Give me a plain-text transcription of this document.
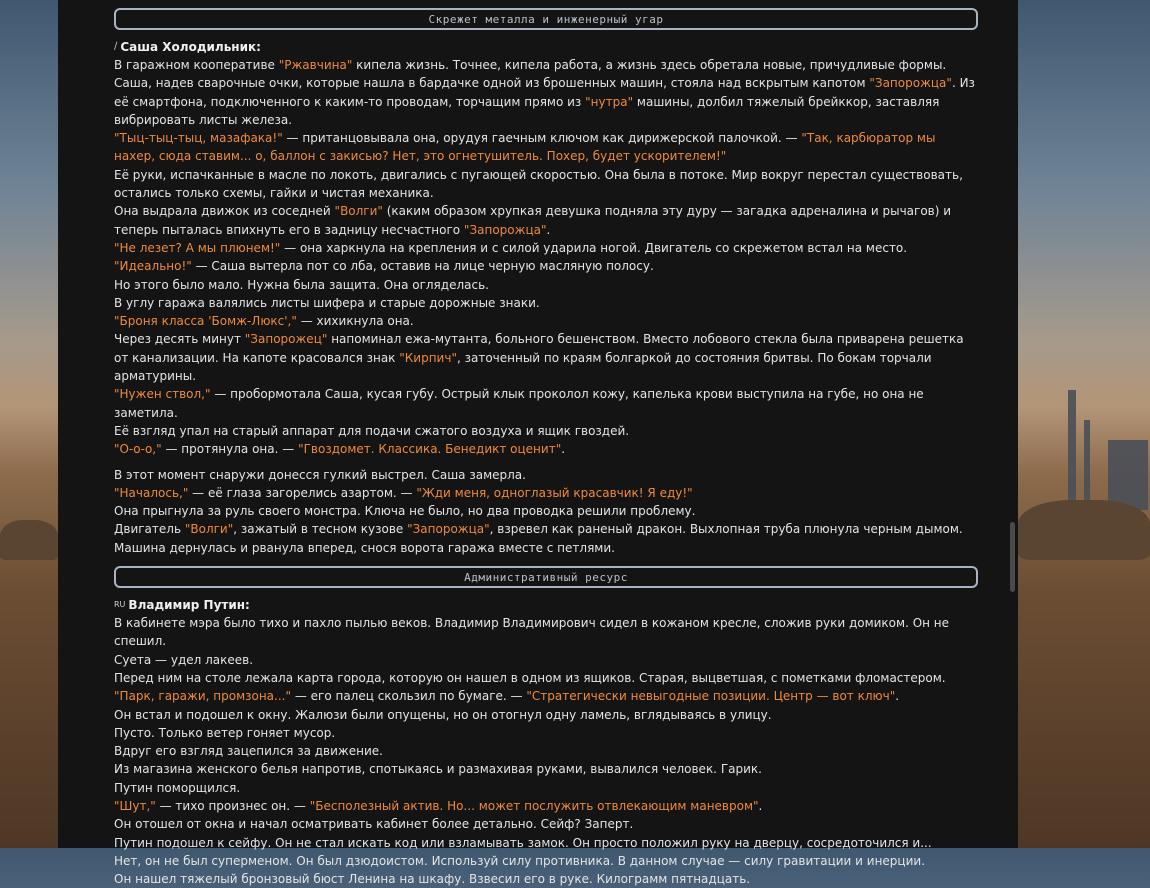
Скрежет металла и инженерный угар
∕ Саша Холодильник:

В гаражном кооперативе "Ржавчина" кипела жизнь. Точнее, кипела работа, а жизнь здесь обретала новые, причудливые формы.

Саша, надев сварочные очки, которые нашла в бардачке одной из брошенных машин, стояла над вскрытым капотом "Запорожца". Из её смартфона, подключенного к каким-то проводам, торчащим прямо из "нутра" машины, долбил тяжелый брейккор, заставляя вибрировать листы железа.

"Тыц-тыц-тыц, мазафака!" — пританцовывала она, орудуя гаечным ключом как дирижерской палочкой. — "Так, карбюратор мы нахер, сюда ставим... о, баллон с закисью? Нет, это огнетушитель. Похер, будет ускорителем!"

Её руки, испачканные в масле по локоть, двигались с пугающей скоростью. Она была в потоке. Мир вокруг перестал существовать, остались только схемы, гайки и чистая механика.

Она выдрала движок из соседней "Волги" (каким образом хрупкая девушка подняла эту дуру — загадка адреналина и рычагов) и теперь пыталась впихнуть его в задницу несчастного "Запорожца".

"Не лезет? А мы плюнем!" — она харкнула на крепления и с силой ударила ногой. Двигатель со скрежетом встал на место.

"Идеально!" — Саша вытерла пот со лба, оставив на лице черную масляную полосу.

Но этого было мало. Нужна была защита. Она огляделась.

В углу гаража валялись листы шифера и старые дорожные знаки.

"Броня класса 'Бомж-Люкс'," — хихикнула она.

Через десять минут "Запорожец" напоминал ежа-мутанта, больного бешенством. Вместо лобового стекла была приварена решетка от канализации. На капоте красовался знак "Кирпич", заточенный по краям болгаркой до состояния бритвы. По бокам торчали арматурины.

"Нужен ствол," — пробормотала Саша, кусая губу. Острый клык проколол кожу, капелька крови выступила на губе, но она не заметила.

Её взгляд упал на старый аппарат для подачи сжатого воздуха и ящик гвоздей.

"О-о-о," — протянула она. — "Гвоздомет. Классика. Бенедикт оценит".

В этот момент снаружи донесся гулкий выстрел. Саша замерла.

"Началось," — её глаза загорелись азартом. — "Жди меня, одноглазый красавчик! Я еду!"

Она прыгнула за руль своего монстра. Ключа не было, но два проводка решили проблему.

Двигатель "Волги", зажатый в тесном кузове "Запорожца", взревел как раненый дракон. Выхлопная труба плюнула черным дымом. Машина дернулась и рванула вперед, снося ворота гаража вместе с петлями.

Административный ресурс
RU Владимир Путин:

В кабинете мэра было тихо и пахло пылью веков. Владимир Владимирович сидел в кожаном кресле, сложив руки домиком. Он не спешил.

Суета — удел лакеев.

Перед ним на столе лежала карта города, которую он нашел в одном из ящиков. Старая, выцветшая, с пометками фломастером.

"Парк, гаражи, промзона..." — его палец скользил по бумаге. — "Стратегически невыгодные позиции. Центр — вот ключ".

Он встал и подошел к окну. Жалюзи были опущены, но он отогнул одну ламель, вглядываясь в улицу.

Пусто. Только ветер гоняет мусор.

Вдруг его взгляд зацепился за движение.

Из магазина женского белья напротив, спотыкаясь и размахивая руками, вывалился человек. Гарик.

Путин поморщился.

"Шут," — тихо произнес он. — "Бесполезный актив. Но... может послужить отвлекающим маневром".

Он отошел от окна и начал осматривать кабинет более детально. Сейф? Заперт.

Путин подошел к сейфу. Он не стал искать код или взламывать замок. Он просто положил руку на дверцу, сосредоточился и...

Нет, он не был суперменом. Он был дзюдоистом. Используй силу противника. В данном случае — силу гравитации и инерции.

Он нашел тяжелый бронзовый бюст Ленина на шкафу. Взвесил его в руке. Килограмм пятнадцать.
